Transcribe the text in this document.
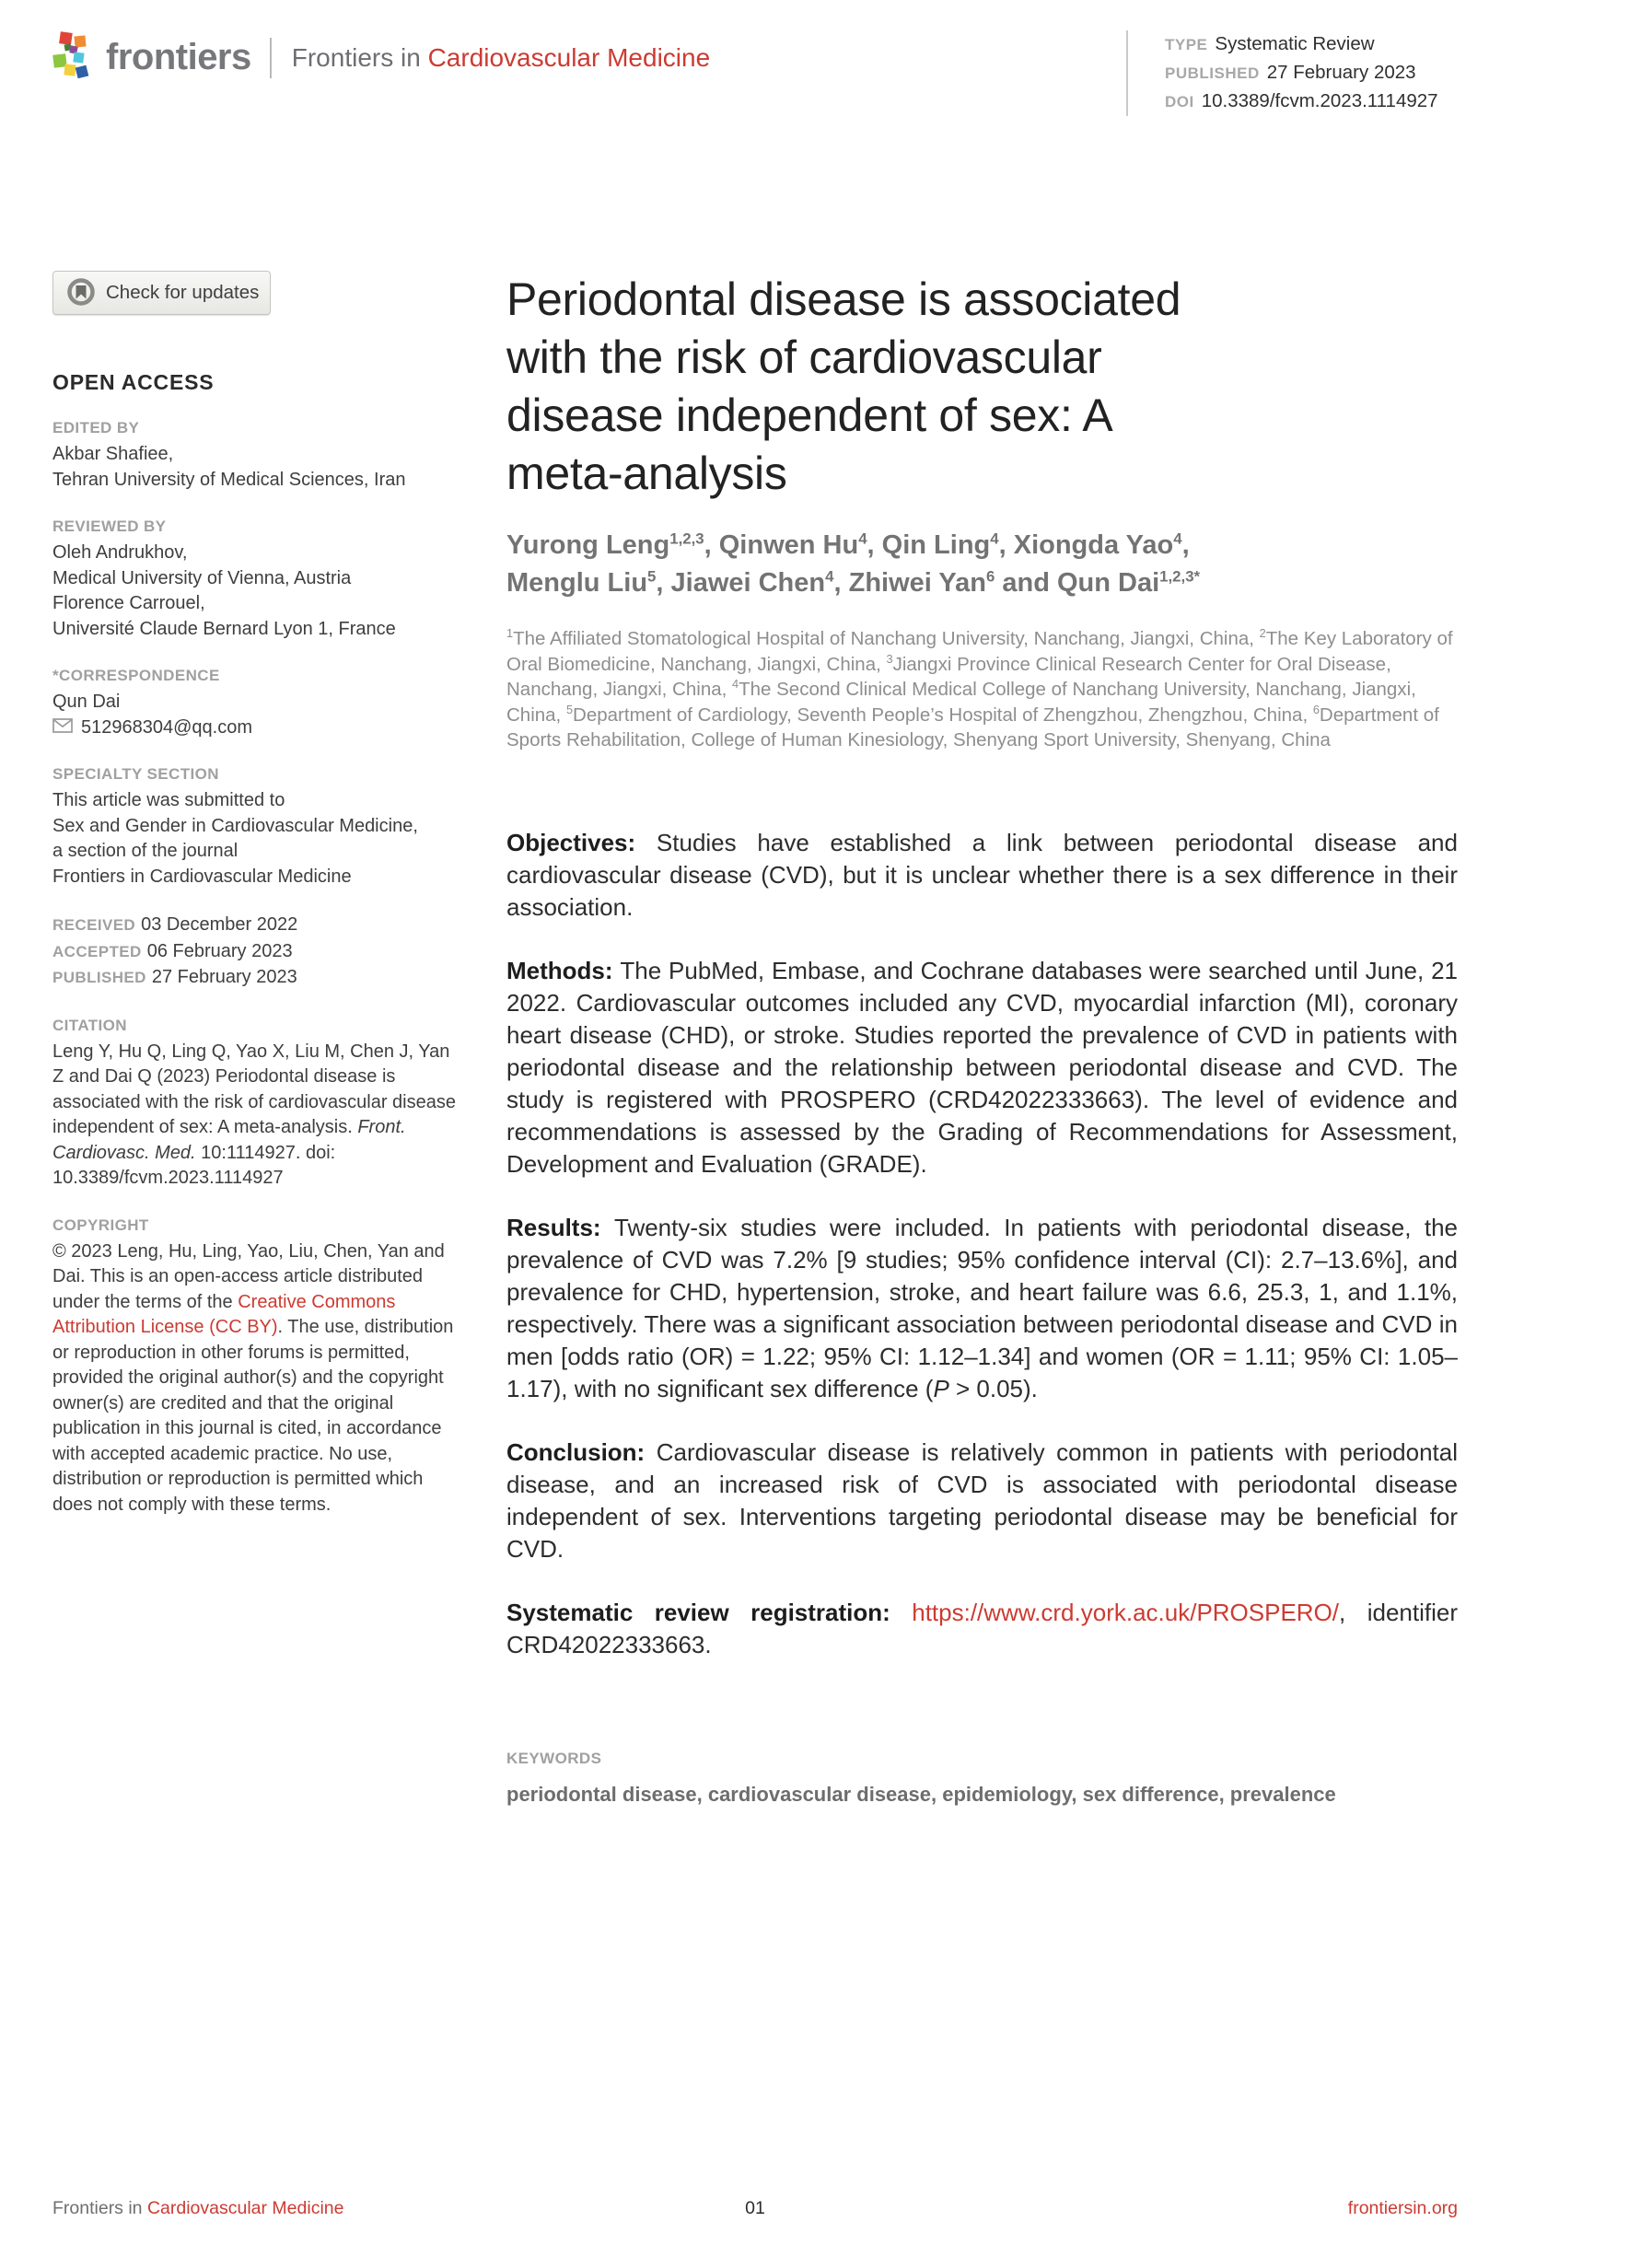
frontiers Frontiers in Cardiovascular Medicine	TYPE Systematic Review
PUBLISHED 27 February 2023
DOI 10.3389/fcvm.2023.1114927
Check for updates
OPEN ACCESS
EDITED BY
Akbar Shafiee,
Tehran University of Medical Sciences, Iran
REVIEWED BY
Oleh Andrukhov,
Medical University of Vienna, Austria
Florence Carrouel,
Université Claude Bernard Lyon 1, France
*CORRESPONDENCE
Qun Dai
512968304@qq.com
SPECIALTY SECTION
This article was submitted to
Sex and Gender in Cardiovascular Medicine,
a section of the journal
Frontiers in Cardiovascular Medicine
RECEIVED 03 December 2022
ACCEPTED 06 February 2023
PUBLISHED 27 February 2023
CITATION
Leng Y, Hu Q, Ling Q, Yao X, Liu M, Chen J, Yan Z and Dai Q (2023) Periodontal disease is associated with the risk of cardiovascular disease independent of sex: A meta-analysis. Front. Cardiovasc. Med. 10:1114927. doi: 10.3389/fcvm.2023.1114927
COPYRIGHT
© 2023 Leng, Hu, Ling, Yao, Liu, Chen, Yan and Dai. This is an open-access article distributed under the terms of the Creative Commons Attribution License (CC BY). The use, distribution or reproduction in other forums is permitted, provided the original author(s) and the copyright owner(s) are credited and that the original publication in this journal is cited, in accordance with accepted academic practice. No use, distribution or reproduction is permitted which does not comply with these terms.
Periodontal disease is associated
with the risk of cardiovascular
disease independent of sex: A
meta-analysis
Yurong Leng$^{1,2,3}$, Qinwen Hu$^4$, Qin Ling$^4$, Xiongda Yao$^4$,
Menglu Liu$^5$, Jiawei Chen$^4$, Zhiwei Yan$^6$ and Qun Dai$^{1,2,3*}$
$^1$The Affiliated Stomatological Hospital of Nanchang University, Nanchang, Jiangxi, China, $^2$The Key Laboratory of Oral Biomedicine, Nanchang, Jiangxi, China, $^3$Jiangxi Province Clinical Research Center for Oral Disease, Nanchang, Jiangxi, China, $^4$The Second Clinical Medical College of Nanchang University, Nanchang, Jiangxi, China, $^5$Department of Cardiology, Seventh People’s Hospital of Zhengzhou, Zhengzhou, China, $^6$Department of Sports Rehabilitation, College of Human Kinesiology, Shenyang Sport University, Shenyang, China

Objectives: Studies have established a link between periodontal disease and cardiovascular disease (CVD), but it is unclear whether there is a sex difference in their association.

Methods: The PubMed, Embase, and Cochrane databases were searched until June, 21 2022. Cardiovascular outcomes included any CVD, myocardial infarction (MI), coronary heart disease (CHD), or stroke. Studies reported the prevalence of CVD in patients with periodontal disease and the relationship between periodontal disease and CVD. The study is registered with PROSPERO (CRD42022333663). The level of evidence and recommendations is assessed by the Grading of Recommendations for Assessment, Development and Evaluation (GRADE).

Results: Twenty-six studies were included. In patients with periodontal disease, the prevalence of CVD was 7.2% [9 studies; 95% confidence interval (CI): 2.7–13.6%], and prevalence for CHD, hypertension, stroke, and heart failure was 6.6, 25.3, 1, and 1.1%, respectively. There was a significant association between periodontal disease and CVD in men [odds ratio (OR) = 1.22; 95% CI: 1.12–1.34] and women (OR = 1.11; 95% CI: 1.05–1.17), with no significant sex difference (P > 0.05).

Conclusion: Cardiovascular disease is relatively common in patients with periodontal disease, and an increased risk of CVD is associated with periodontal disease independent of sex. Interventions targeting periodontal disease may be beneficial for CVD.

Systematic review registration: https://www.crd.york.ac.uk/PROSPERO/, identifier CRD42022333663.

KEYWORDS
periodontal disease, cardiovascular disease, epidemiology, sex difference, prevalence
Frontiers in Cardiovascular Medicine	01	frontiersin.org
